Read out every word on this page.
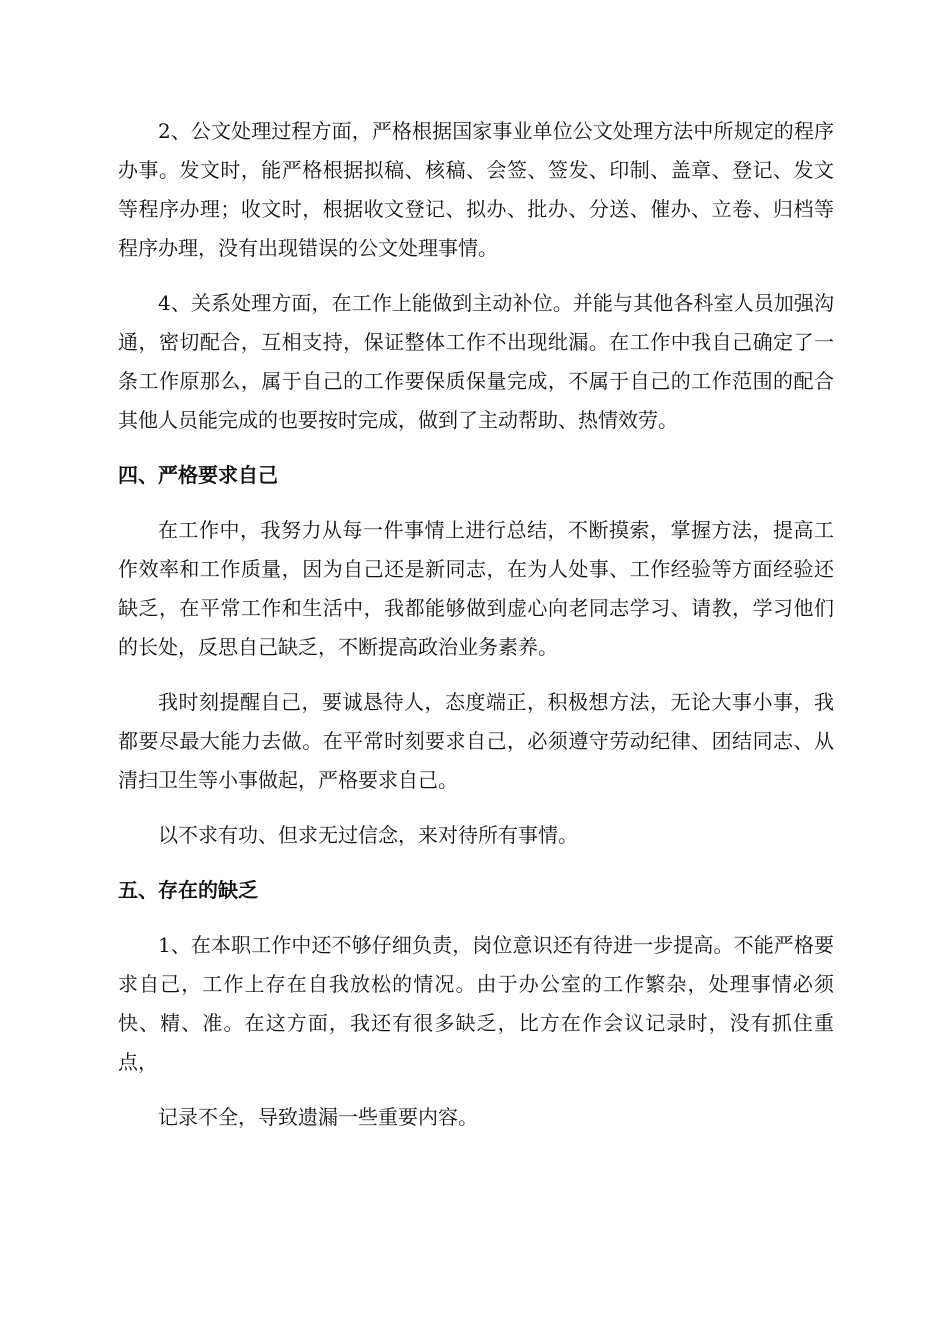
2、公文处理过程方面，严格根据国家事业单位公文处理方法中所规定的程序办事。发文时，能严格根据拟稿、核稿、会签、签发、印制、盖章、登记、发文等程序办理；收文时，根据收文登记、拟办、批办、分送、催办、立卷、归档等程序办理，没有出现错误的公文处理事情。

4、关系处理方面，在工作上能做到主动补位。并能与其他各科室人员加强沟通，密切配合，互相支持，保证整体工作不出现纰漏。在工作中我自己确定了一条工作原那么，属于自己的工作要保质保量完成，不属于自己的工作范围的配合其他人员能完成的也要按时完成，做到了主动帮助、热情效劳。

四、严格要求自己

在工作中，我努力从每一件事情上进行总结，不断摸索，掌握方法，提高工作效率和工作质量，因为自己还是新同志，在为人处事、工作经验等方面经验还缺乏，在平常工作和生活中，我都能够做到虚心向老同志学习、请教，学习他们的长处，反思自己缺乏，不断提高政治业务素养。

我时刻提醒自己，要诚恳待人，态度端正，积极想方法，无论大事小事，我都要尽最大能力去做。在平常时刻要求自己，必须遵守劳动纪律、团结同志、从清扫卫生等小事做起，严格要求自己。

以不求有功、但求无过信念，来对待所有事情。

五、存在的缺乏

1、在本职工作中还不够仔细负责，岗位意识还有待进一步提高。不能严格要求自己，工作上存在自我放松的情况。由于办公室的工作繁杂，处理事情必须快、精、准。在这方面，我还有很多缺乏，比方在作会议记录时，没有抓住重点，

记录不全，导致遗漏一些重要内容。
